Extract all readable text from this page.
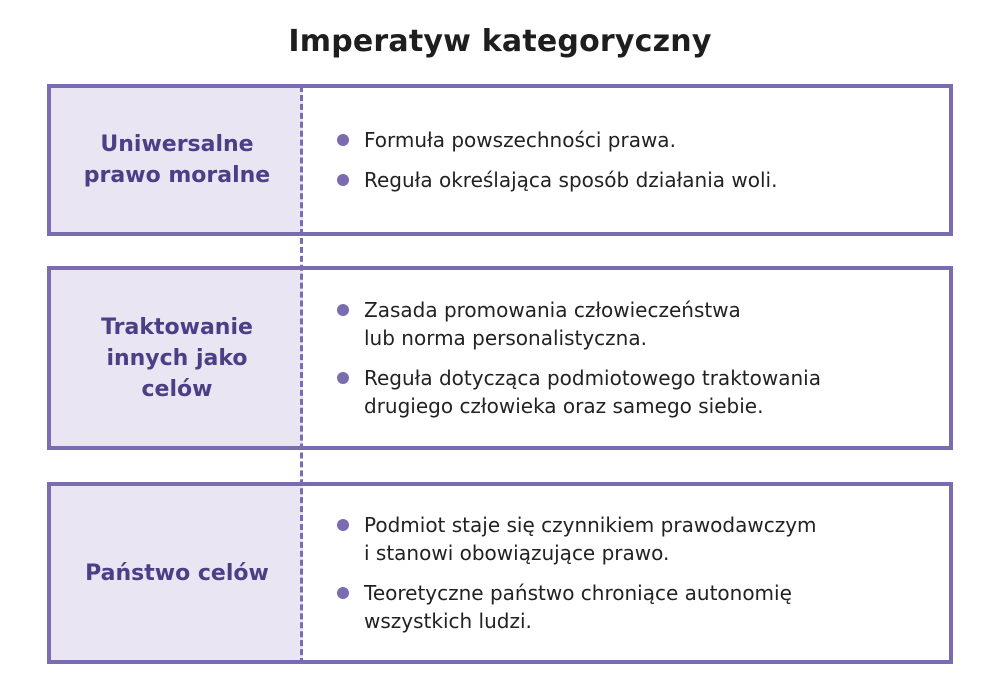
Imperatyw kategoryczny
Uniwersalne
prawo moralne
Formuła powszechności prawa.
Reguła określająca sposób działania woli.
Traktowanie
innych jako
celów
Zasada promowania człowieczeństwa
lub norma personalistyczna.
Reguła dotycząca podmiotowego traktowania
drugiego człowieka oraz samego siebie.
Państwo celów
Podmiot staje się czynnikiem prawodawczym
i stanowi obowiązujące prawo.
Teoretyczne państwo chroniące autonomię
wszystkich ludzi.
